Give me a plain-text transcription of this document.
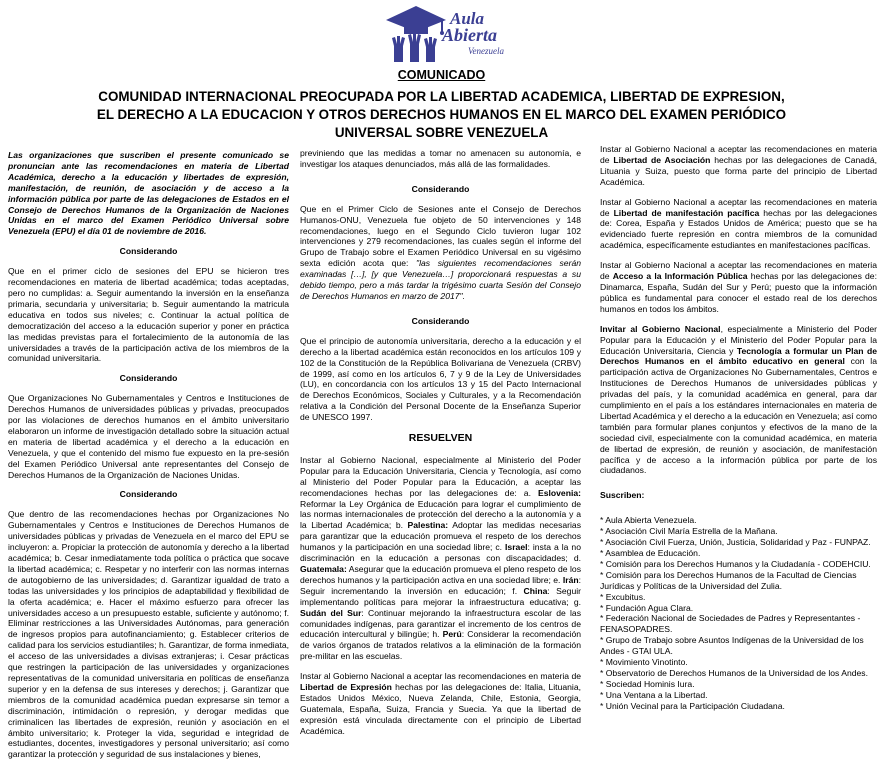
Aula
Abierta
Venezuela
COMUNICADO
COMUNIDAD INTERNACIONAL PREOCUPADA POR LA LIBERTAD ACADEMICA, LIBERTAD DE EXPRESION, EL DERECHO A LA EDUCACION Y OTROS DERECHOS HUMANOS EN EL MARCO DEL EXAMEN PERIÓDICO UNIVERSAL SOBRE VENEZUELA

Las organizaciones que suscriben el presente comunicado se pronuncian ante las recomendaciones en materia de Libertad Académica, derecho a la educación y libertades de expresión, manifestación, de reunión, de asociación y de acceso a la información pública por parte de las delegaciones de Estados en el Consejo de Derechos Humanos de la Organización de Naciones Unidas en el marco del Examen Periódico Universal sobre Venezuela (EPU) el día 01 de noviembre de 2016.

Considerando

Que en el primer ciclo de sesiones del EPU se hicieron tres recomendaciones en materia de libertad académica; todas aceptadas, pero no cumplidas: a. Seguir aumentando la inversión en la enseñanza primaria, secundaria y universitaria; b. Seguir aumentando la matricula educativa en todos sus niveles; c. Continuar la actual política de democratización del acceso a la educación superior y poner en práctica las medidas previstas para el fortalecimiento de la autonomía de las universidades a través de la participación activa de los miembros de la comunidad universitaria.

Considerando

Que Organizaciones No Gubernamentales y Centros e Instituciones de Derechos Humanos de universidades públicas y privadas, preocupados por las violaciones de derechos humanos en el ámbito universitario elaboraron un informe de investigación detallado sobre la situación actual en materia de libertad académica y el derecho a la educación en Venezuela, y que el contenido del mismo fue expuesto en la pre-sesión del Examen Periódico Universal ante representantes del Consejo de Derechos Humanos de la Organización de Naciones Unidas.

Considerando

Que dentro de las recomendaciones hechas por Organizaciones No Gubernamentales y Centros e Instituciones de Derechos Humanos de universidades públicas y privadas de Venezuela en el marco del EPU se incluyeron: a. Propiciar la protección de autonomía y derecho a la libertad académica; b. Cesar inmediatamente toda política o práctica que socave la libertad académica; c. Respetar y no interferir con las normas internas de autogobierno de las universidades; d. Garantizar igualdad de trato a todas las universidades y los principios de adaptabilidad y flexibilidad de la oferta académica; e. Hacer el máximo esfuerzo para ofrecer las universidades acceso a un presupuesto estable, suficiente y autónomo; f. Eliminar restricciones a las Universidades Autónomas, para generación de ingresos propios para autofinanciamiento; g. Establecer criterios de calidad para los servicios estudiantiles; h. Garantizar, de forma inmediata, el acceso de las universidades a divisas extranjeras; i. Cesar prácticas que restringen la participación de las universidades y organizaciones representativas de la comunidad universitaria en políticas de enseñanza superior y en la defensa de sus intereses y derechos; j. Garantizar que miembros de la comunidad académica puedan expresarse sin temor a discriminación, intimidación o represión, y derogar medidas que criminalicen las libertades de expresión, reunión y asociación en el ámbito universitario; k. Proteger la vida, seguridad e integridad de estudiantes, docentes, investigadores y personal universitario; así como garantizar la protección y seguridad de sus instalaciones y bienes,

previniendo que las medidas a tomar no amenacen su autonomía, e investigar los ataques denunciados, más allá de las formalidades.

Considerando

Que en el Primer Ciclo de Sesiones ante el Consejo de Derechos Humanos-ONU, Venezuela fue objeto de 50 intervenciones y 148 recomendaciones, luego en el Segundo Ciclo tuvieron lugar 102 intervenciones y 279 recomendaciones, las cuales según el informe del Grupo de Trabajo sobre el Examen Periódico Universal en su vigésimo sexta edición acota que: "las siguientes recomendaciones serán examinadas […], [y que Venezuela…] proporcionará respuestas a su debido tiempo, pero a más tardar la trigésimo cuarta Sesión del Consejo de Derechos Humanos en marzo de 2017".

Considerando

Que el principio de autonomía universitaria, derecho a la educación y el derecho a la libertad académica están reconocidos en los artículos 109 y 102 de la Constitución de la República Bolivariana de Venezuela (CRBV) de 1999, así como en los artículos 6, 7 y 9 de la Ley de Universidades (LU), en concordancia con los artículos 13 y 15 del Pacto Internacional de Derechos Económicos, Sociales y Culturales, y a la Recomendación relativa a la Condición del Personal Docente de la Enseñanza Superior de UNESCO 1997.

RESUELVEN

Instar al Gobierno Nacional, especialmente al Ministerio del Poder Popular para la Educación Universitaria, Ciencia y Tecnología, así como al Ministerio del Poder Popular para la Educación, a aceptar las recomendaciones hechas por las delegaciones de: a. Eslovenia: Reformar la Ley Orgánica de Educación para lograr el cumplimiento de las normas internacionales de protección del derecho a la autonomía y a la Libertad Académica; b. Palestina: Adoptar las medidas necesarias para garantizar que la educación promueva el respeto de los derechos humanos y la participación en una sociedad libre; c. Israel: insta a la no discriminación en la educación a personas con discapacidades; d. Guatemala: Asegurar que la educación promueva el pleno respeto de los derechos humanos y la participación activa en una sociedad libre; e. Irán: Seguir incrementando la inversión en educación; f. China: Seguir implementando políticas para mejorar la infraestructura educativa; g. Sudán del Sur: Continuar mejorando la infraestructura escolar de las comunidades indígenas, para garantizar el incremento de los centros de educación intercultural y bilingüe; h. Perú: Considerar la recomendación de varios órganos de tratados relativos a la eliminación de la formación pre-militar en las escuelas.

Instar al Gobierno Nacional a aceptar las recomendaciones en materia de Libertad de Expresión hechas por las delegaciones de: Italia, Lituania, Estados Unidos México, Nueva Zelanda, Chile, Estonia, Georgia, Guatemala, España, Suiza, Francia y Suecia. Ya que la libertad de expresión está vinculada directamente con el principio de Libertad Académica.

Instar al Gobierno Nacional a aceptar las recomendaciones en materia de Libertad de Asociación hechas por las delegaciones de Canadá, Lituania y Suiza, puesto que forma parte del principio de Libertad Académica.

Instar al Gobierno Nacional a aceptar las recomendaciones en materia de Libertad de manifestación pacífica hechas por las delegaciones de: Corea, España y Estados Unidos de América; puesto que se ha evidenciado fuerte represión en contra miembros de la comunidad académica, específicamente estudiantes en manifestaciones pacíficas.

Instar al Gobierno Nacional a aceptar las recomendaciones en materia de Acceso a la Información Pública hechas por las delegaciones de: Dinamarca, España, Sudán del Sur y Perú; puesto que la información pública es fundamental para conocer el estado real de los derechos humanos en todos los ámbitos.

Invitar al Gobierno Nacional, especialmente a Ministerio del Poder Popular para la Educación y el Ministerio del Poder Popular para la Educación Universitaria, Ciencia y Tecnología a formular un Plan de Derechos Humanos en el ámbito educativo en general con la participación activa de Organizaciones No Gubernamentales, Centros e Instituciones de Derechos Humanos de universidades públicas y privadas del país, y la comunidad académica en general, para dar cumplimiento en el país a los estándares internacionales en materia de Libertad Académica y el derecho a la educación en Venezuela; así como también para formular planes conjuntos y efectivos de la mano de la sociedad civil, especialmente con la comunidad académica, en materia de libertad de expresión, de reunión y asociación, de manifestación pacífica y de acceso a la información pública por parte de los ciudadanos.

Suscriben:

* Aula Abierta Venezuela.
* Asociación Civil María Estrella de la Mañana.
* Asociación Civil Fuerza, Unión, Justicia, Solidaridad y Paz - FUNPAZ.
* Asamblea de Educación.
* Comisión para los Derechos Humanos y la Ciudadanía - CODEHCIU.
* Comisión para los Derechos Humanos de la Facultad de Ciencias Jurídicas y Políticas de la Universidad del Zulia.
* Excubitus.
* Fundación Agua Clara.
* Federación Nacional de Sociedades de Padres y Representantes - FENASOPADRES.
* Grupo de Trabajo sobre Asuntos Indígenas de la Universidad de los Andes - GTAI ULA.
* Movimiento Vinotinto.
* Observatorio de Derechos Humanos de la Universidad de los Andes.
* Sociedad Hominis Iura.
* Una Ventana a la Libertad.
* Unión Vecinal para la Participación Ciudadana.
